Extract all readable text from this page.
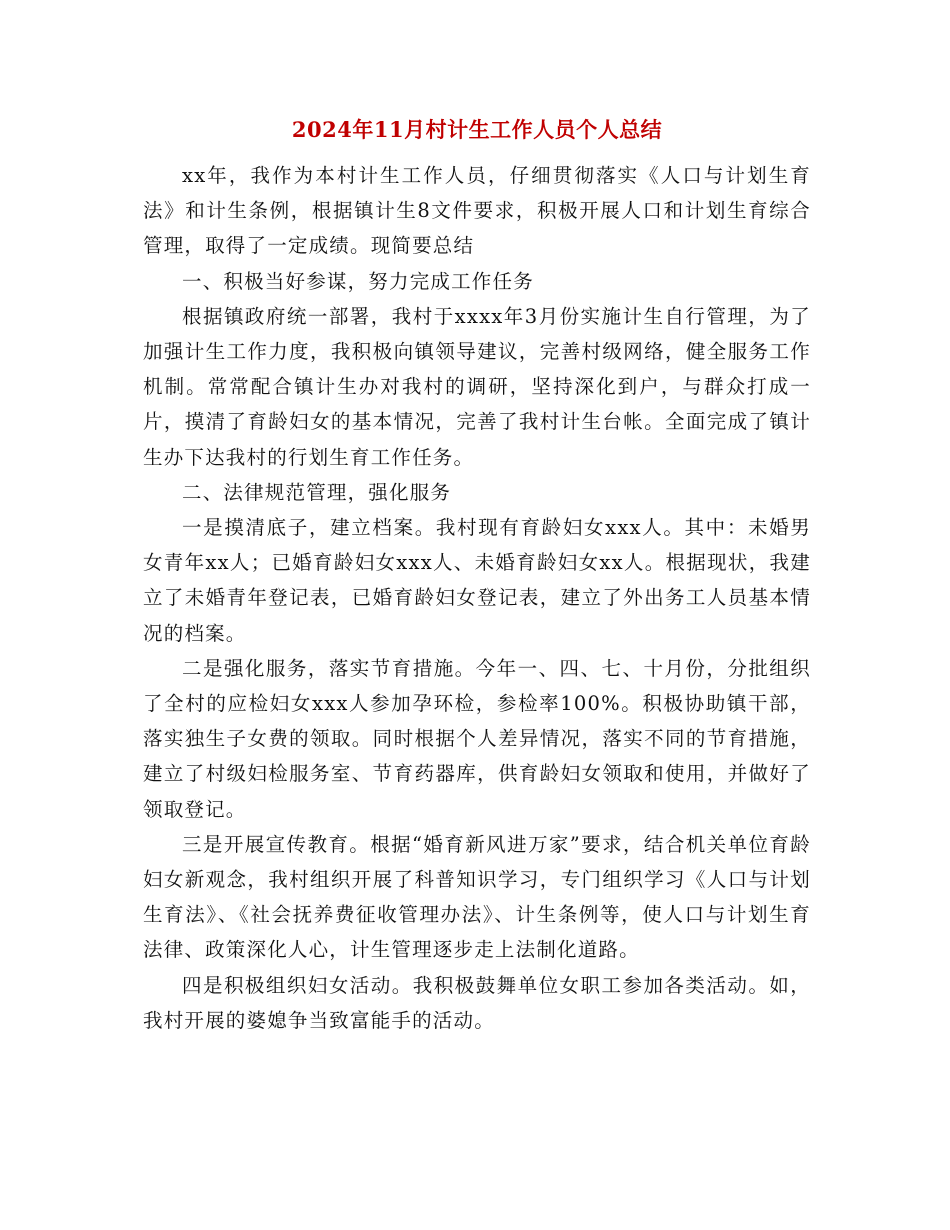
2024年11月村计生工作人员个人总结

xx年，我作为本村计生工作人员，仔细贯彻落实《人口与计划生育法》和计生条例，根据镇计生8文件要求，积极开展人口和计划生育综合管理，取得了一定成绩。现简要总结

一、积极当好参谋，努力完成工作任务

根据镇政府统一部署，我村于xxxx年3月份实施计生自行管理，为了加强计生工作力度，我积极向镇领导建议，完善村级网络，健全服务工作机制。常常配合镇计生办对我村的调研，坚持深化到户，与群众打成一片，摸清了育龄妇女的基本情况，完善了我村计生台帐。全面完成了镇计生办下达我村的行划生育工作任务。

二、法律规范管理，强化服务

一是摸清底子，建立档案。我村现有育龄妇女xxx人。其中：未婚男女青年xx人；已婚育龄妇女xxx人、未婚育龄妇女xx人。根据现状，我建立了未婚青年登记表，已婚育龄妇女登记表，建立了外出务工人员基本情况的档案。

二是强化服务，落实节育措施。今年一、四、七、十月份，分批组织了全村的应检妇女xxx人参加孕环检，参检率100%。积极协助镇干部，落实独生子女费的领取。同时根据个人差异情况，落实不同的节育措施，建立了村级妇检服务室、节育药器库，供育龄妇女领取和使用，并做好了领取登记。

三是开展宣传教育。根据“婚育新风进万家”要求，结合机关单位育龄妇女新观念，我村组织开展了科普知识学习，专门组织学习《人口与计划生育法》、《社会抚养费征收管理办法》、计生条例等，使人口与计划生育法律、政策深化人心，计生管理逐步走上法制化道路。

四是积极组织妇女活动。我积极鼓舞单位女职工参加各类活动。如，我村开展的婆媳争当致富能手的活动。
